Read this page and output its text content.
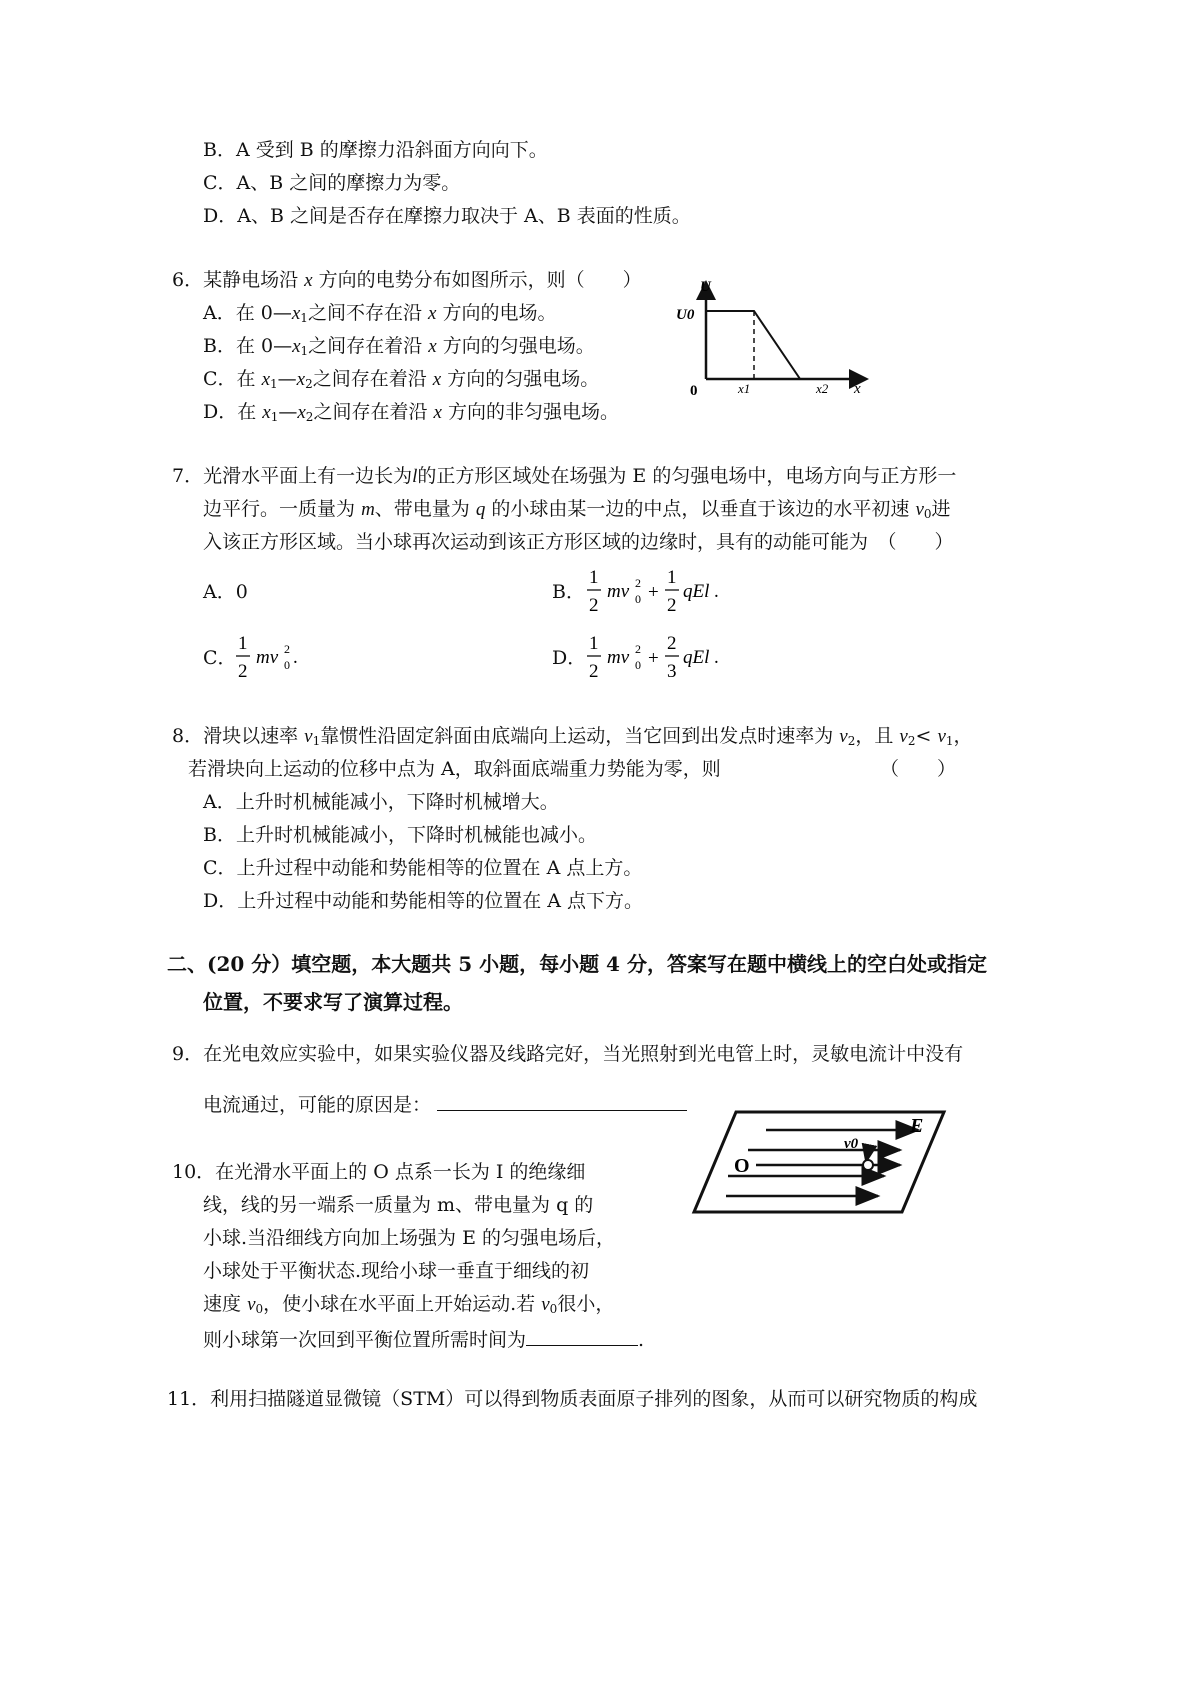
B．A 受到 B 的摩擦力沿斜面方向向下。
C．A、B 之间的摩擦力为零。
D．A、B 之间是否存在摩擦力取决于 A、B 表面的性质。
6．某静电场沿 x 方向的电势分布如图所示，则（　　）
A．在 $0—x_1$之间不存在沿 x 方向的电场。
B．在 $0—x_1$之间存在着沿 x 方向的匀强电场。
C．在 $x_1—x_2$之间存在着沿 x 方向的匀强电场。
D．在 $x_1—x_2$之间存在着沿 x 方向的非匀强电场。
U
U0
0	x1	x2 x
7．光滑水平面上有一边长为l的正方形区域处在场强为 E 的匀强电场中，电场方向与正方形一
边平行。一质量为 m、带电量为 q 的小球由某一边的中点，以垂直于该边的水平初速 $v_0$进
入该正方形区域。当小球再次运动到该正方形区域的边缘时，具有的动能可能为　（　　）
A．0	B．
1
2
mv 2
0 +
1
2
qEl .
C．
1
2
mv 2
0 .	D．
1
2
mv 2
0 +
2
3
qEl .
8．滑块以速率 $v_1$靠惯性沿固定斜面由底端向上运动，当它回到出发点时速率为 $v_2$，且 $v_2< v_1$，
若滑块向上运动的位移中点为 A，取斜面底端重力势能为零，则	（　　）
A．上升时机械能减小，下降时机械增大。
B．上升时机械能减小，下降时机械能也减小。
C．上升过程中动能和势能相等的位置在 A 点上方。
D．上升过程中动能和势能相等的位置在 A 点下方。
二、(20 分）填空题，本大题共 5 小题，每小题 4 分，答案写在题中横线上的空白处或指定
位置，不要求写了演算过程。
9．在光电效应实验中，如果实验仪器及线路完好，当光照射到光电管上时，灵敏电流计中没有
电流通过，可能的原因是：
10．在光滑水平面上的 O 点系一长为 I 的绝缘细
线，线的另一端系一质量为 m、带电量为 q 的
小球.当沿细线方向加上场强为 E 的匀强电场后，
小球处于平衡状态.现给小球一垂直于细线的初
速度 $v_0$，使小球在水平面上开始运动.若 $v_0$很小，
则小球第一次回到平衡位置所需时间为	.
E
O
v0
11．利用扫描隧道显微镜（STM）可以得到物质表面原子排列的图象，从而可以研究物质的构成
